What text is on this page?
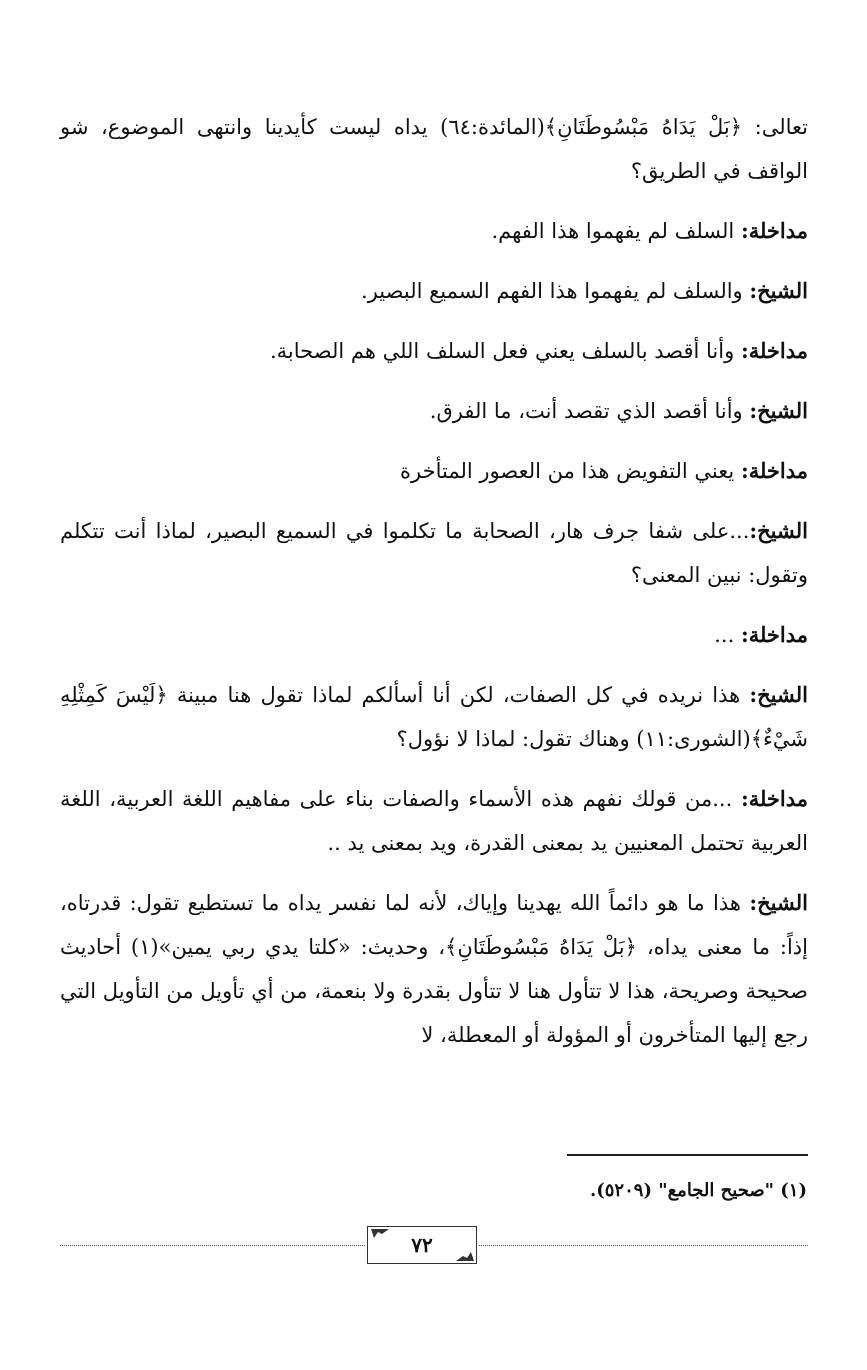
تعالى: ﴿بَلْ يَدَاهُ مَبْسُوطَتَانِ﴾(المائدة:٦٤) يداه ليست كأيدينا وانتهى الموضوع، شو الواقف في الطريق؟

مداخلة: السلف لم يفهموا هذا الفهم.

الشيخ: والسلف لم يفهموا هذا الفهم السميع البصير.

مداخلة: وأنا أقصد بالسلف يعني فعل السلف اللي هم الصحابة.

الشيخ: وأنا أقصد الذي تقصد أنت، ما الفرق.

مداخلة: يعني التفويض هذا من العصور المتأخرة

الشيخ:...على شفا جرف هار، الصحابة ما تكلموا في السميع البصير، لماذا أنت تتكلم وتقول: نبين المعنى؟

مداخلة: ...

الشيخ: هذا نريده في كل الصفات، لكن أنا أسألكم لماذا تقول هنا مبينة ﴿لَيْسَ كَمِثْلِهِ شَيْءٌ﴾(الشورى:١١) وهناك تقول: لماذا لا نؤول؟

مداخلة: ...من قولك نفهم هذه الأسماء والصفات بناء على مفاهيم اللغة العربية، اللغة العربية تحتمل المعنيين يد بمعنى القدرة، ويد بمعنى يد ..

الشيخ: هذا ما هو دائماً الله يهدينا وإياك، لأنه لما نفسر يداه ما تستطيع تقول: قدرتاه، إذاً: ما معنى يداه، ﴿بَلْ يَدَاهُ مَبْسُوطَتَانِ﴾، وحديث: «كلتا يدي ربي يمين»(١) أحاديث صحيحة وصريحة، هذا لا تتأول هنا لا تتأول بقدرة ولا بنعمة، من أي تأويل من التأويل التي رجع إليها المتأخرون أو المؤولة أو المعطلة، لا

(١) "صحيح الجامع" (٥٢٠٩).
٧٢
